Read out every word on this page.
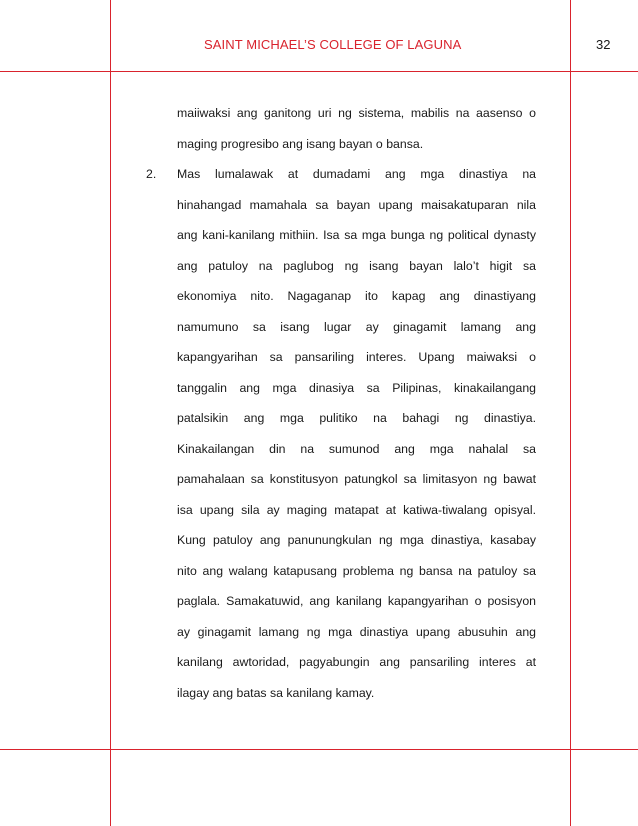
SAINT MICHAEL’S COLLEGE OF LAGUNA	32
maiiwaksi ang ganitong uri ng sistema, mabilis na aasenso o
maging progresibo ang isang bayan o bansa.
2.	Mas lumalawak at dumadami ang mga dinastiya na
hinahangad mamahala sa bayan upang maisakatuparan nila
ang kani-kanilang mithiin. Isa sa mga bunga ng political dynasty
ang patuloy na paglubog ng isang bayan lalo’t higit sa
ekonomiya nito. Nagaganap ito kapag ang dinastiyang
namumuno sa isang lugar ay ginagamit lamang ang
kapangyarihan sa pansariling interes. Upang maiwaksi o
tanggalin ang mga dinasiya sa Pilipinas, kinakailangang
patalsikin ang mga pulitiko na bahagi ng dinastiya.
Kinakailangan din na sumunod ang mga nahalal sa
pamahalaan sa konstitusyon patungkol sa limitasyon ng bawat
isa upang sila ay maging matapat at katiwa-tiwalang opisyal.
Kung patuloy ang panunungkulan ng mga dinastiya, kasabay
nito ang walang katapusang problema ng bansa na patuloy sa
paglala. Samakatuwid, ang kanilang kapangyarihan o posisyon
ay ginagamit lamang ng mga dinastiya upang abusuhin ang
kanilang awtoridad, pagyabungin ang pansariling interes at
ilagay ang batas sa kanilang kamay.
